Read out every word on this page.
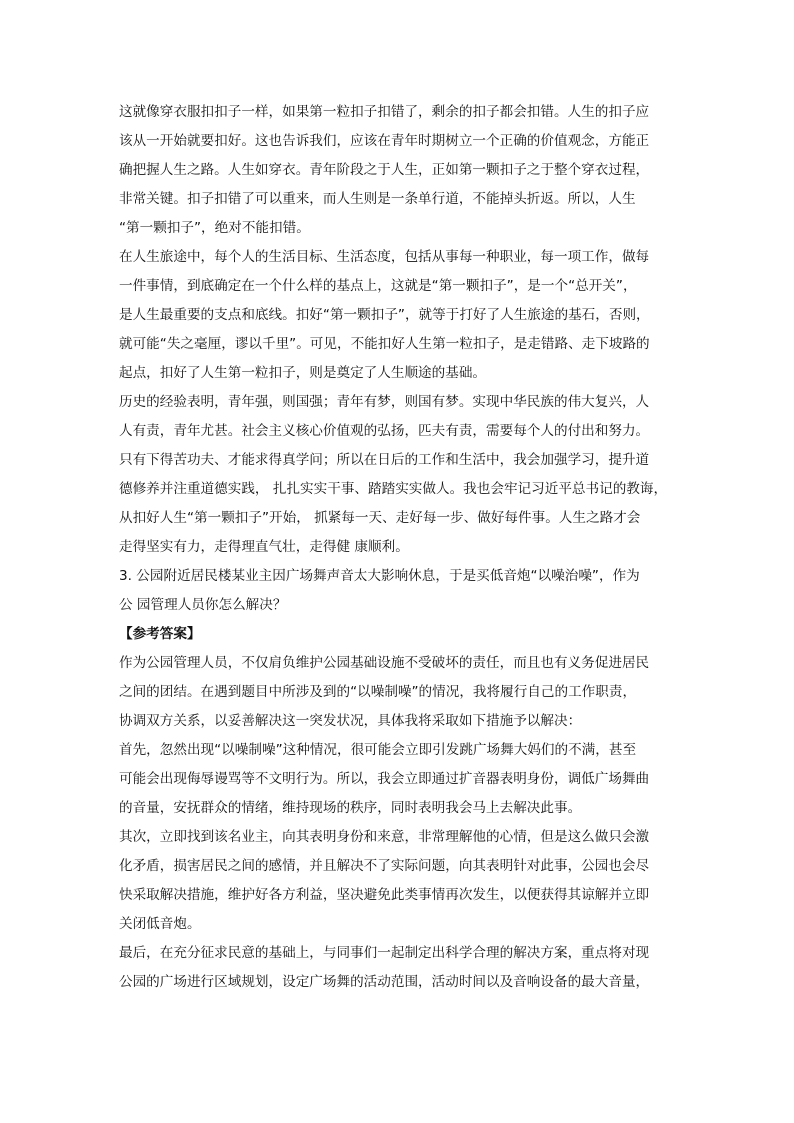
这就像穿衣服扣扣子一样，如果第一粒扣子扣错了，剩余的扣子都会扣错。人生的扣子应
该从一开始就要扣好。这也告诉我们，应该在青年时期树立一个正确的价值观念，方能正
确把握人生之路。人生如穿衣。青年阶段之于人生，正如第一颗扣子之于整个穿衣过程，
非常关键。扣子扣错了可以重来，而人生则是一条单行道，不能掉头折返。所以，人生
“第一颗扣子”，绝对不能扣错。
在人生旅途中，每个人的生活目标、生活态度，包括从事每一种职业，每一项工作，做每
一件事情，到底确定在一个什么样的基点上，这就是“第一颗扣子”，是一个“总开关”，
是人生最重要的支点和底线。扣好“第一颗扣子”，就等于打好了人生旅途的基石，否则，
就可能“失之毫厘，谬以千里”。可见，不能扣好人生第一粒扣子，是走错路、走下坡路的
起点，扣好了人生第一粒扣子，则是奠定了人生顺途的基础。
历史的经验表明，青年强，则国强；青年有梦，则国有梦。实现中华民族的伟大复兴，人
人有责，青年尤甚。社会主义核心价值观的弘扬，匹夫有责，需要每个人的付出和努力。
只有下得苦功夫、才能求得真学问；所以在日后的工作和生活中，我会加强学习，提升道
德修养并注重道德实践， 扎扎实实干事、踏踏实实做人。我也会牢记习近平总书记的教诲，
从扣好人生“第一颗扣子”开始， 抓紧每一天、走好每一步、做好每件事。人生之路才会
走得坚实有力，走得理直气壮，走得健 康顺利。
3. 公园附近居民楼某业主因广场舞声音太大影响休息，于是买低音炮“以噪治噪”，作为
公 园管理人员你怎么解决？
【参考答案】
作为公园管理人员，不仅肩负维护公园基础设施不受破坏的责任，而且也有义务促进居民
之间的团结。在遇到题目中所涉及到的“以噪制噪”的情况，我将履行自己的工作职责，
协调双方关系，以妥善解决这一突发状况，具体我将采取如下措施予以解决：
首先，忽然出现“以噪制噪”这种情况，很可能会立即引发跳广场舞大妈们的不满，甚至
可能会出现侮辱谩骂等不文明行为。所以，我会立即通过扩音器表明身份，调低广场舞曲
的音量，安抚群众的情绪，维持现场的秩序，同时表明我会马上去解决此事。
其次，立即找到该名业主，向其表明身份和来意，非常理解他的心情，但是这么做只会激
化矛盾，损害居民之间的感情，并且解决不了实际问题，向其表明针对此事，公园也会尽
快采取解决措施，维护好各方利益，坚决避免此类事情再次发生，以便获得其谅解并立即
关闭低音炮。
最后，在充分征求民意的基础上，与同事们一起制定出科学合理的解决方案，重点将对现
公园的广场进行区域规划，设定广场舞的活动范围，活动时间以及音响设备的最大音量，
